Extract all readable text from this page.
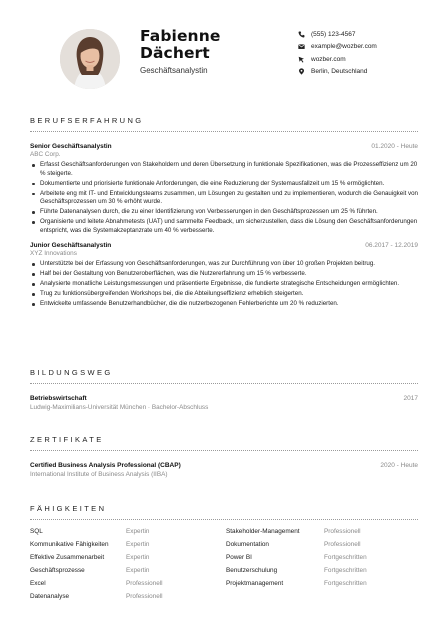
Fabienne
Dächert
Geschäftsanalystin
(555) 123-4567
example@wozber.com
wozber.com
Berlin, Deutschland
BERUFSERFAHRUNG
Senior Geschäftsanalystin	01.2020 - Heute
ABC Corp.
Erfasst Geschäftsanforderungen von Stakeholdern und deren Übersetzung in funktionale Spezifikationen, was die Prozesseffizienz um 20 % steigerte.
Dokumentierte und priorisierte funktionale Anforderungen, die eine Reduzierung der Systemausfallzeit um 15 % ermöglichten.
Arbeitete eng mit IT- und Entwicklungsteams zusammen, um Lösungen zu gestalten und zu implementieren, wodurch die Genauigkeit von Geschäftsprozessen um 30 % erhöht wurde.
Führte Datenanalysen durch, die zu einer Identifizierung von Verbesserungen in den Geschäftsprozessen um 25 % führten.
Organisierte und leitete Abnahmetests (UAT) und sammelte Feedback, um sicherzustellen, dass die Lösung den Geschäftsanforderungen entspricht, was die Systemakzeptanzrate um 40 % verbesserte.
Junior Geschäftsanalystin	06.2017 - 12.2019
XYZ Innovations
Unterstützte bei der Erfassung von Geschäftsanforderungen, was zur Durchführung von über 10 großen Projekten beitrug.
Half bei der Gestaltung von Benutzeroberflächen, was die Nutzererfahrung um 15 % verbesserte.
Analysierte monatliche Leistungsmessungen und präsentierte Ergebnisse, die fundierte strategische Entscheidungen ermöglichten.
Trug zu funktionsübergreifenden Workshops bei, die die Abteilungseffizienz erheblich steigerten.
Entwickelte umfassende Benutzerhandbücher, die die nutzerbezogenen Fehlerberichte um 20 % reduzierten.
BILDUNGSWEG
Betriebswirtschaft	2017
Ludwig-Maximilians-Universität München · Bachelor-Abschluss
ZERTIFIKATE
Certified Business Analysis Professional (CBAP)	2020 - Heute
International Institute of Business Analysis (IIBA)
FÄHIGKEITEN
SQL	Expertin	Stakeholder-Management	Professionell
Kommunikative Fähigkeiten	Expertin	Dokumentation	Professionell
Effektive Zusammenarbeit	Expertin	Power BI	Fortgeschritten
Geschäftsprozesse	Expertin	Benutzerschulung	Fortgeschritten
Excel	Professionell	Projektmanagement	Fortgeschritten
Datenanalyse	Professionell
